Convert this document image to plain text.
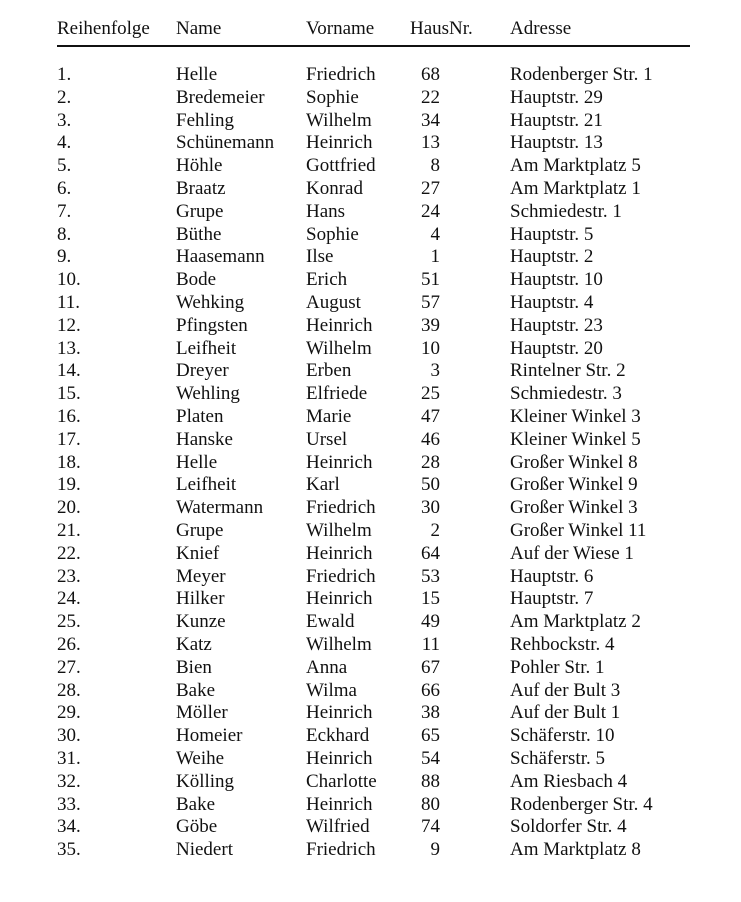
Reihenfolge	Name	Vorname	HausNr.		Adresse

1.	Helle	Friedrich	68		Rodenberger Str. 1
2.	Bredemeier	Sophie	22		Hauptstr. 29
3.	Fehling	Wilhelm	34		Hauptstr. 21
4.	Schünemann	Heinrich	13		Hauptstr. 13
5.	Höhle	Gottfried	8		Am Marktplatz 5
6.	Braatz	Konrad	27		Am Marktplatz 1
7.	Grupe	Hans	24		Schmiedestr. 1
8.	Büthe	Sophie	4		Hauptstr. 5
9.	Haasemann	Ilse	1		Hauptstr. 2
10.	Bode	Erich	51		Hauptstr. 10
11.	Wehking	August	57		Hauptstr. 4
12.	Pfingsten	Heinrich	39		Hauptstr. 23
13.	Leifheit	Wilhelm	10		Hauptstr. 20
14.	Dreyer	Erben	3		Rintelner Str. 2
15.	Wehling	Elfriede	25		Schmiedestr. 3
16.	Platen	Marie	47		Kleiner Winkel 3
17.	Hanske	Ursel	46		Kleiner Winkel 5
18.	Helle	Heinrich	28		Großer Winkel 8
19.	Leifheit	Karl	50		Großer Winkel 9
20.	Watermann	Friedrich	30		Großer Winkel 3
21.	Grupe	Wilhelm	2		Großer Winkel 11
22.	Knief	Heinrich	64		Auf der Wiese 1
23.	Meyer	Friedrich	53		Hauptstr. 6
24.	Hilker	Heinrich	15		Hauptstr. 7
25.	Kunze	Ewald	49		Am Marktplatz 2
26.	Katz	Wilhelm	11		Rehbockstr. 4
27.	Bien	Anna	67		Pohler Str. 1
28.	Bake	Wilma	66		Auf der Bult 3
29.	Möller	Heinrich	38		Auf der Bult 1
30.	Homeier	Eckhard	65		Schäferstr. 10
31.	Weihe	Heinrich	54		Schäferstr. 5
32.	Kölling	Charlotte	88		Am Riesbach 4
33.	Bake	Heinrich	80		Rodenberger Str. 4
34.	Göbe	Wilfried	74		Soldorfer Str. 4
35.	Niedert	Friedrich	9		Am Marktplatz 8
